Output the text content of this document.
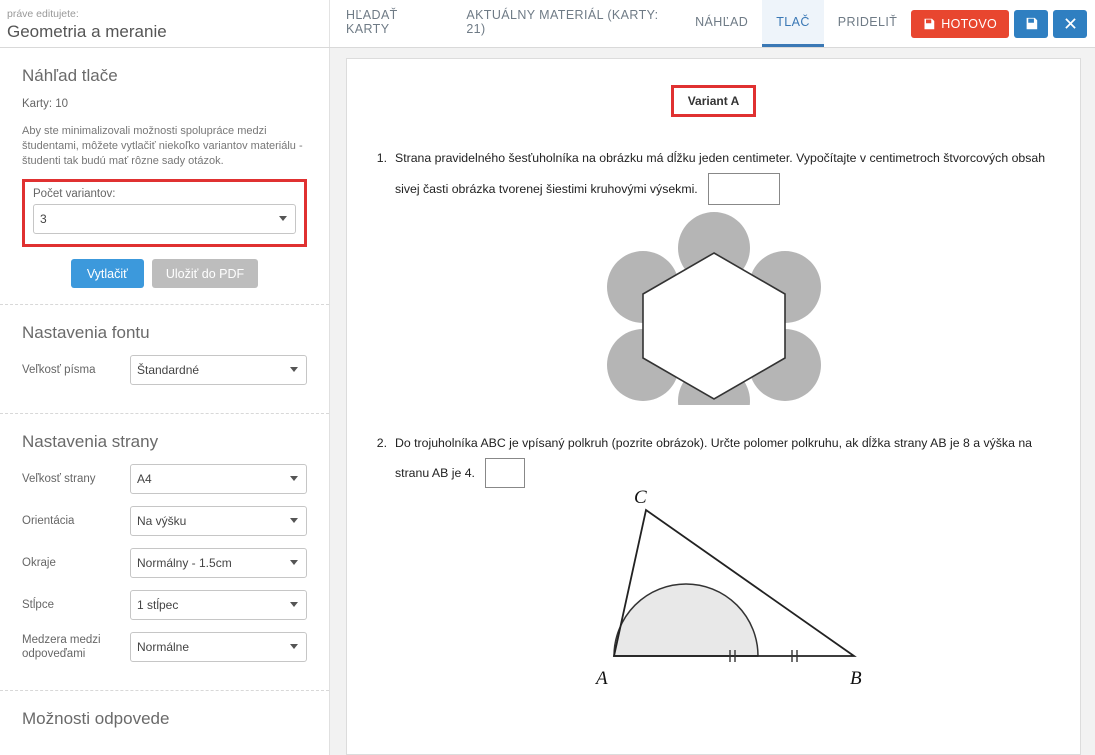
práve editujete:
Geometria a meranie
HĽADAŤ KARTY
AKTUÁLNY MATERIÁL (KARTY: 21)	NÁHĽAD	TLAČ	PRIDELIŤ	HOTOVO
Náhľad tlače
Karty: 10
Aby ste minimalizovali možnosti spolupráce medzi študentami, môžete vytlačiť niekoľko variantov materiálu - študenti tak budú mať rôzne sady otázok.
Počet variantov:
3
Vytlačiť	Uložiť do PDF
Nastavenia fontu
Veľkosť písma
Štandardné
Nastavenia strany
Veľkosť strany
A4
Orientácia
Na výšku
Okraje
Normálny - 1.5cm
Stĺpce
1 stĺpec
Medzera medzi odpoveďami
Normálne
Možnosti odpovede
Variant A
1. Strana pravidelného šesťuholníka na obrázku má dĺžku jeden centimeter. Vypočítajte v centimetroch štvorcových obsah
sivej časti obrázka tvorenej šiestimi kruhovými výsekmi.
2. Do trojuholníka ABC je vpísaný polkruh (pozrite obrázok). Určte polomer polkruhu, ak dĺžka strany AB je 8 a výška na
stranu AB je 4.
C
A	B
